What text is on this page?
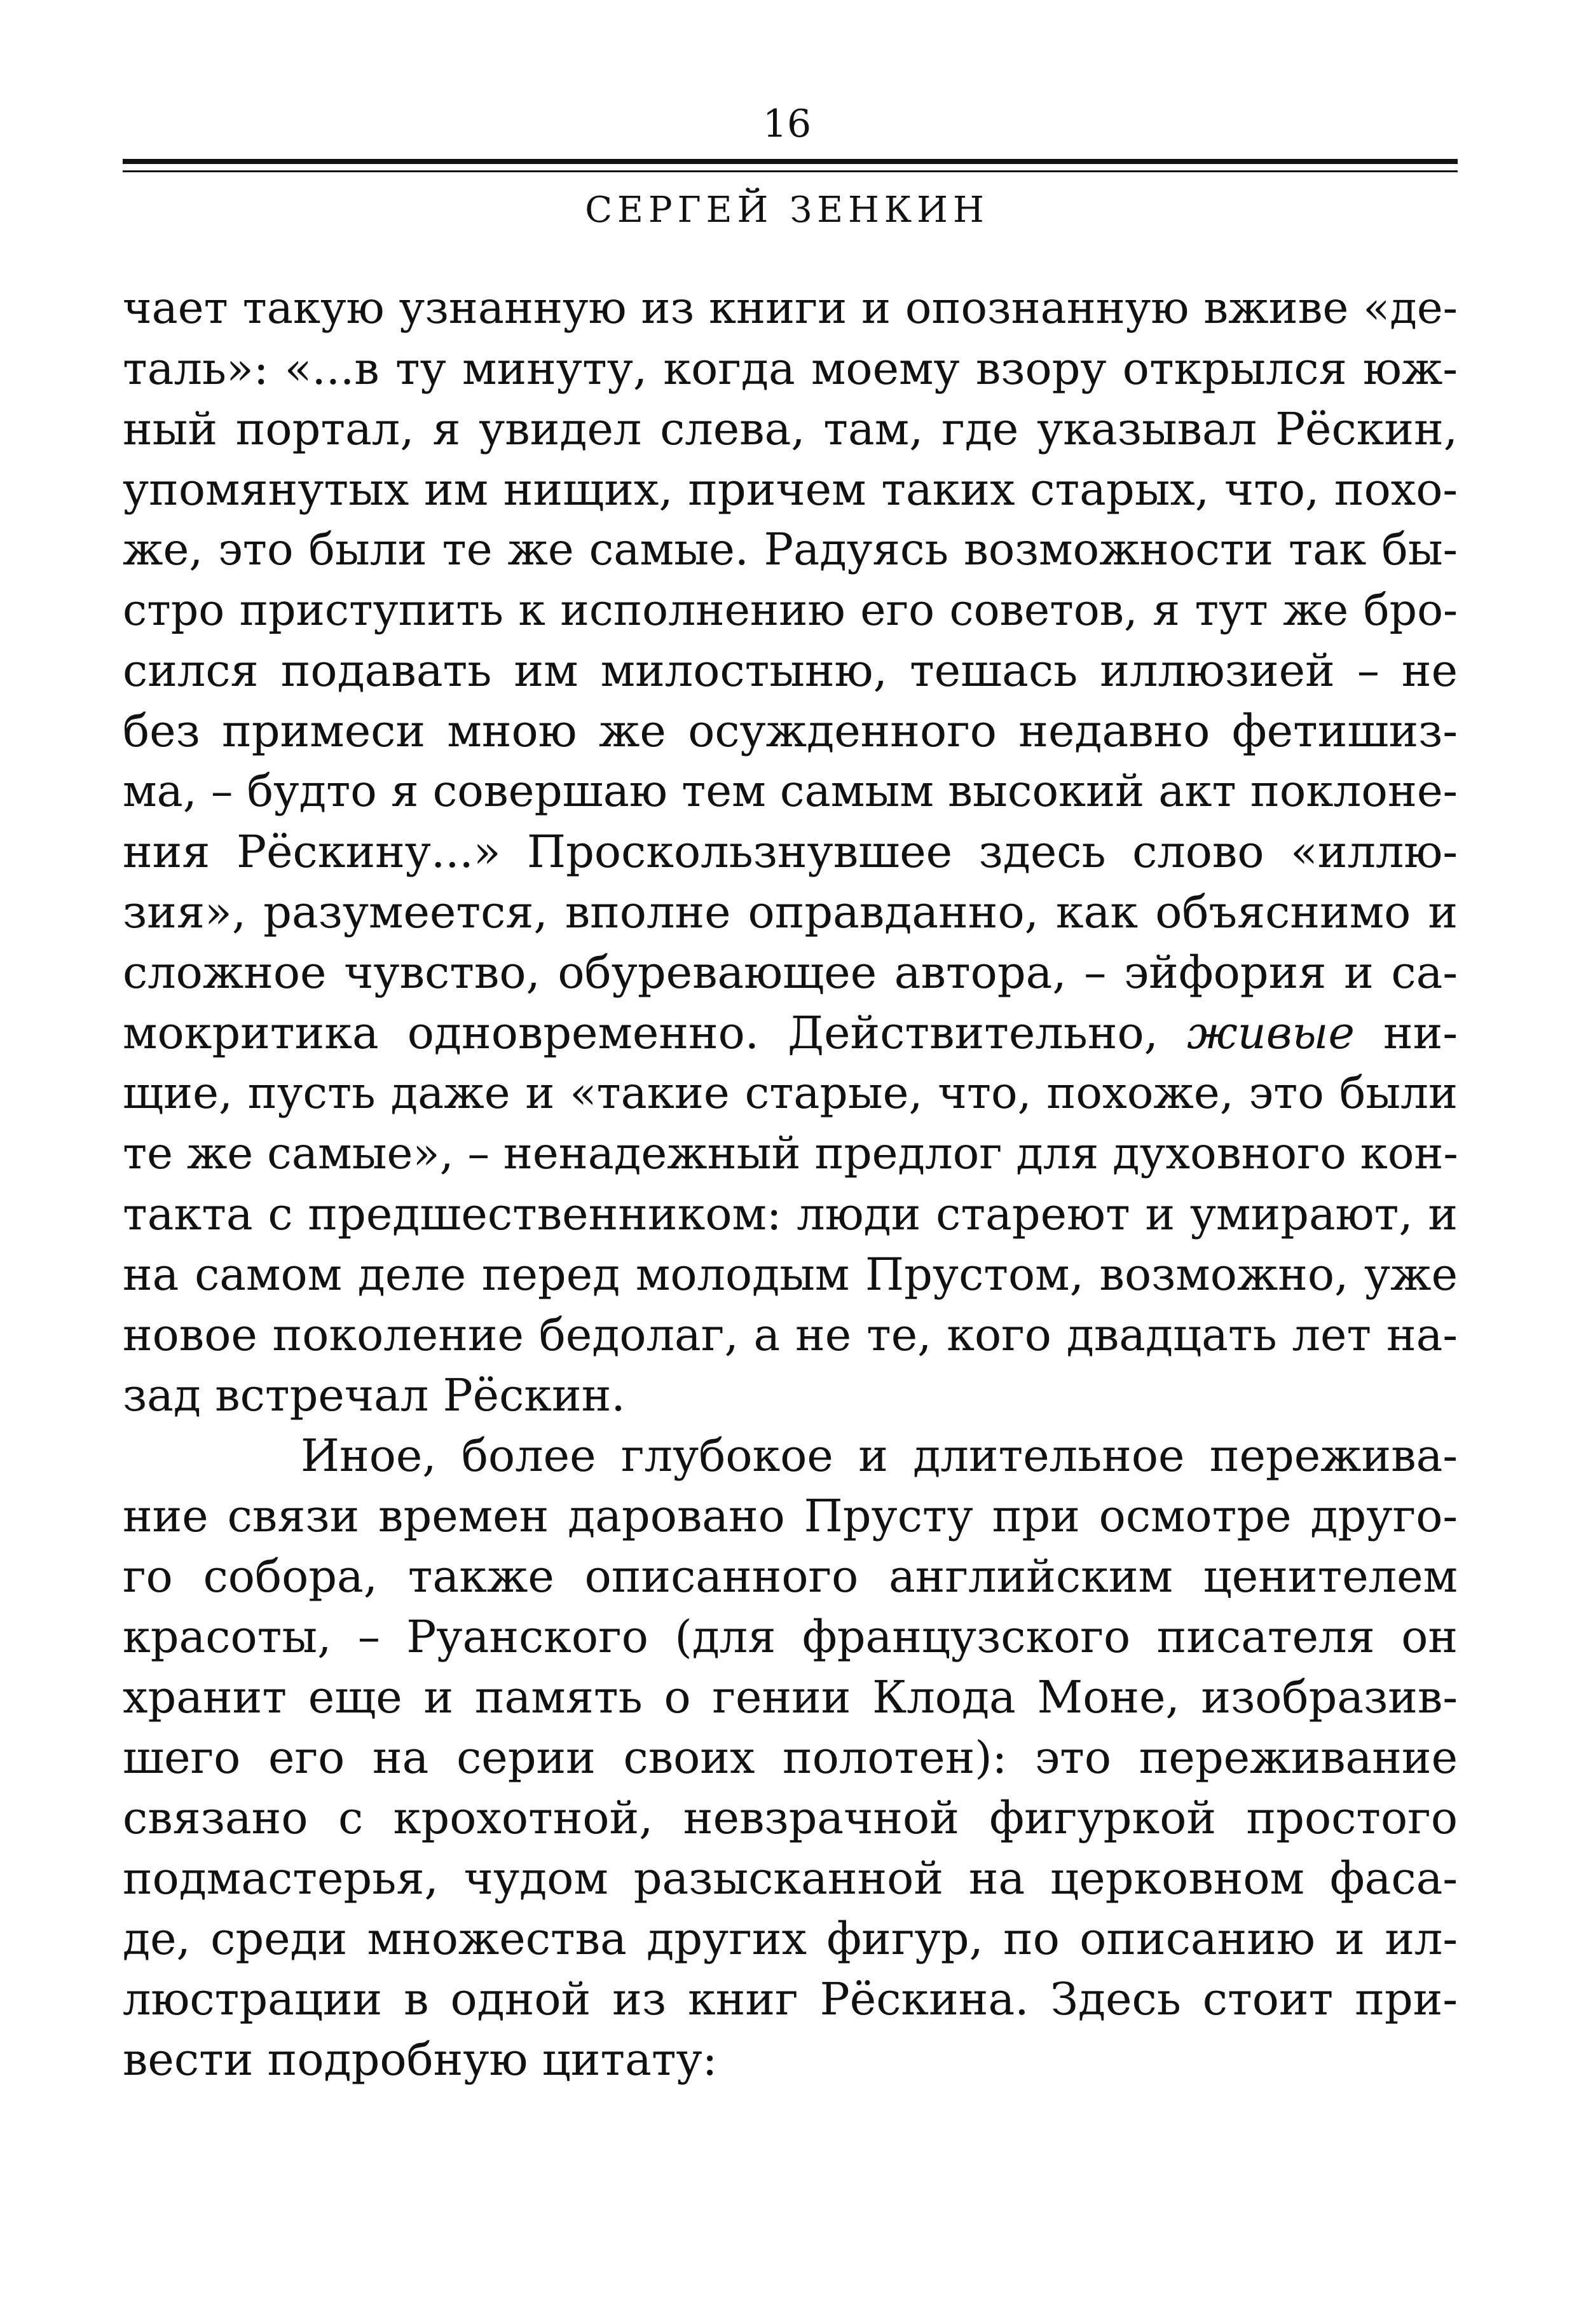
16
СЕРГЕЙ ЗЕНКИН
чает такую узнанную из книги и опознанную вживе «де-
таль»: «...в ту минуту, когда моему взору открылся юж-
ный портал, я увидел слева, там, где указывал Рёскин,
упомянутых им нищих, причем таких старых, что, похо-
же, это были те же самые. Радуясь возможности так бы-
стро приступить к исполнению его советов, я тут же бро-
сился подавать им милостыню, тешась иллюзией – не
без примеси мною же осужденного недавно фетишиз-
ма, – будто я совершаю тем самым высокий акт поклоне-
ния Рёскину...» Проскользнувшее здесь слово «иллю-
зия», разумеется, вполне оправданно, как объяснимо и
сложное чувство, обуревающее автора, – эйфория и са-
мокритика одновременно. Действительно, живые ни-
щие, пусть даже и «такие старые, что, похоже, это были
те же самые», – ненадежный предлог для духовного кон-
такта с предшественником: люди стареют и умирают, и
на самом деле перед молодым Прустом, возможно, уже
новое поколение бедолаг, а не те, кого двадцать лет на-
зад встречал Рёскин.
Иное, более глубокое и длительное пережива-
ние связи времен даровано Прусту при осмотре друго-
го собора, также описанного английским ценителем
красоты, – Руанского (для французского писателя он
хранит еще и память о гении Клода Моне, изобразив-
шего его на серии своих полотен): это переживание
связано с крохотной, невзрачной фигуркой простого
подмастерья, чудом разысканной на церковном фаса-
де, среди множества других фигур, по описанию и ил-
люстрации в одной из книг Рёскина. Здесь стоит при-
вести подробную цитату:
